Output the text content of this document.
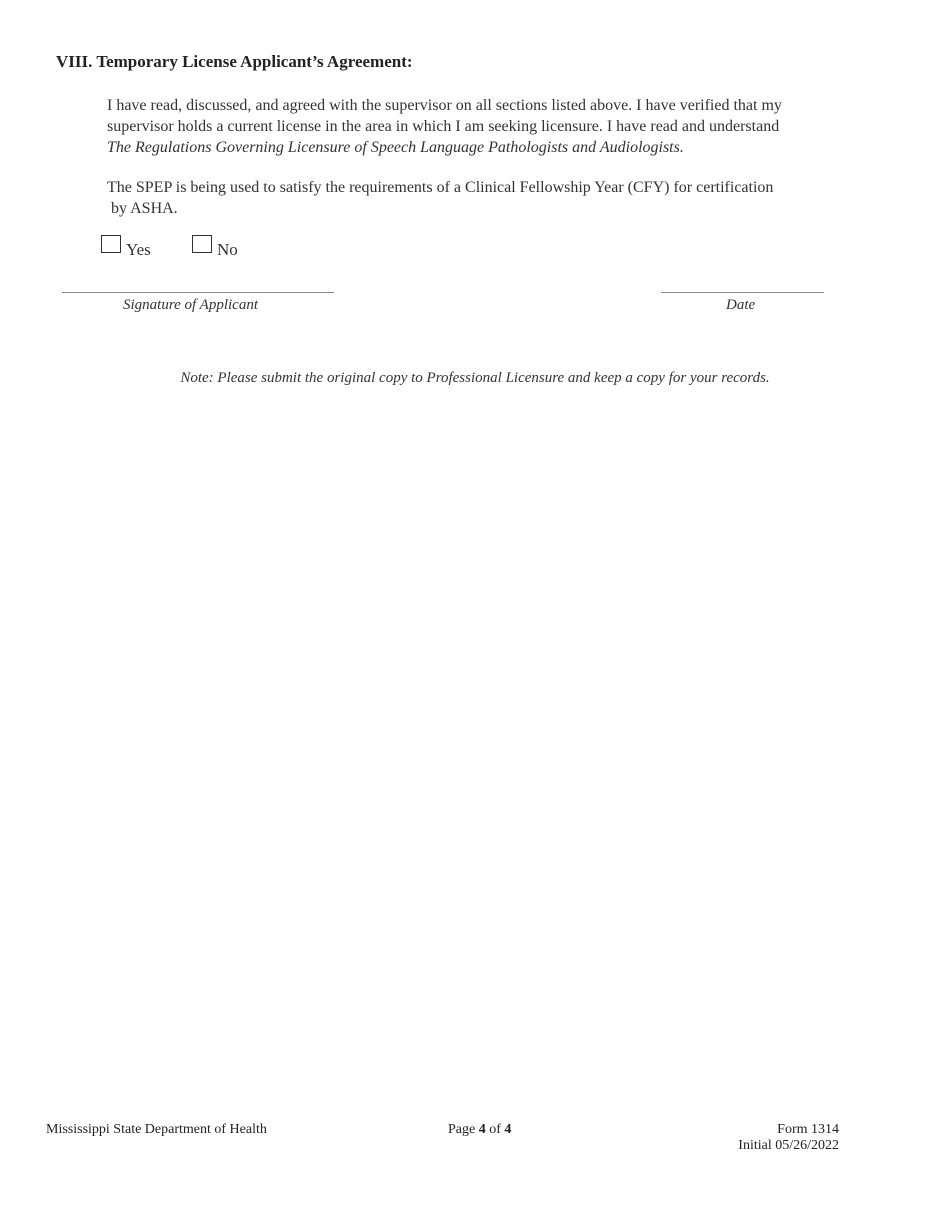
VIII. Temporary License Applicant’s Agreement:
I have read, discussed, and agreed with the supervisor on all sections listed above. I have verified that my
supervisor holds a current license in the area in which I am seeking licensure. I have read and understand
The Regulations Governing Licensure of Speech Language Pathologists and Audiologists.
The SPEP is being used to satisfy the requirements of a Clinical Fellowship Year (CFY) for certification
by ASHA.
Yes	No
Signature of Applicant	Date
Note: Please submit the original copy to Professional Licensure and keep a copy for your records.
Mississippi State Department of Health	Page 4 of 4	Form 1314
Initial 05/26/2022
